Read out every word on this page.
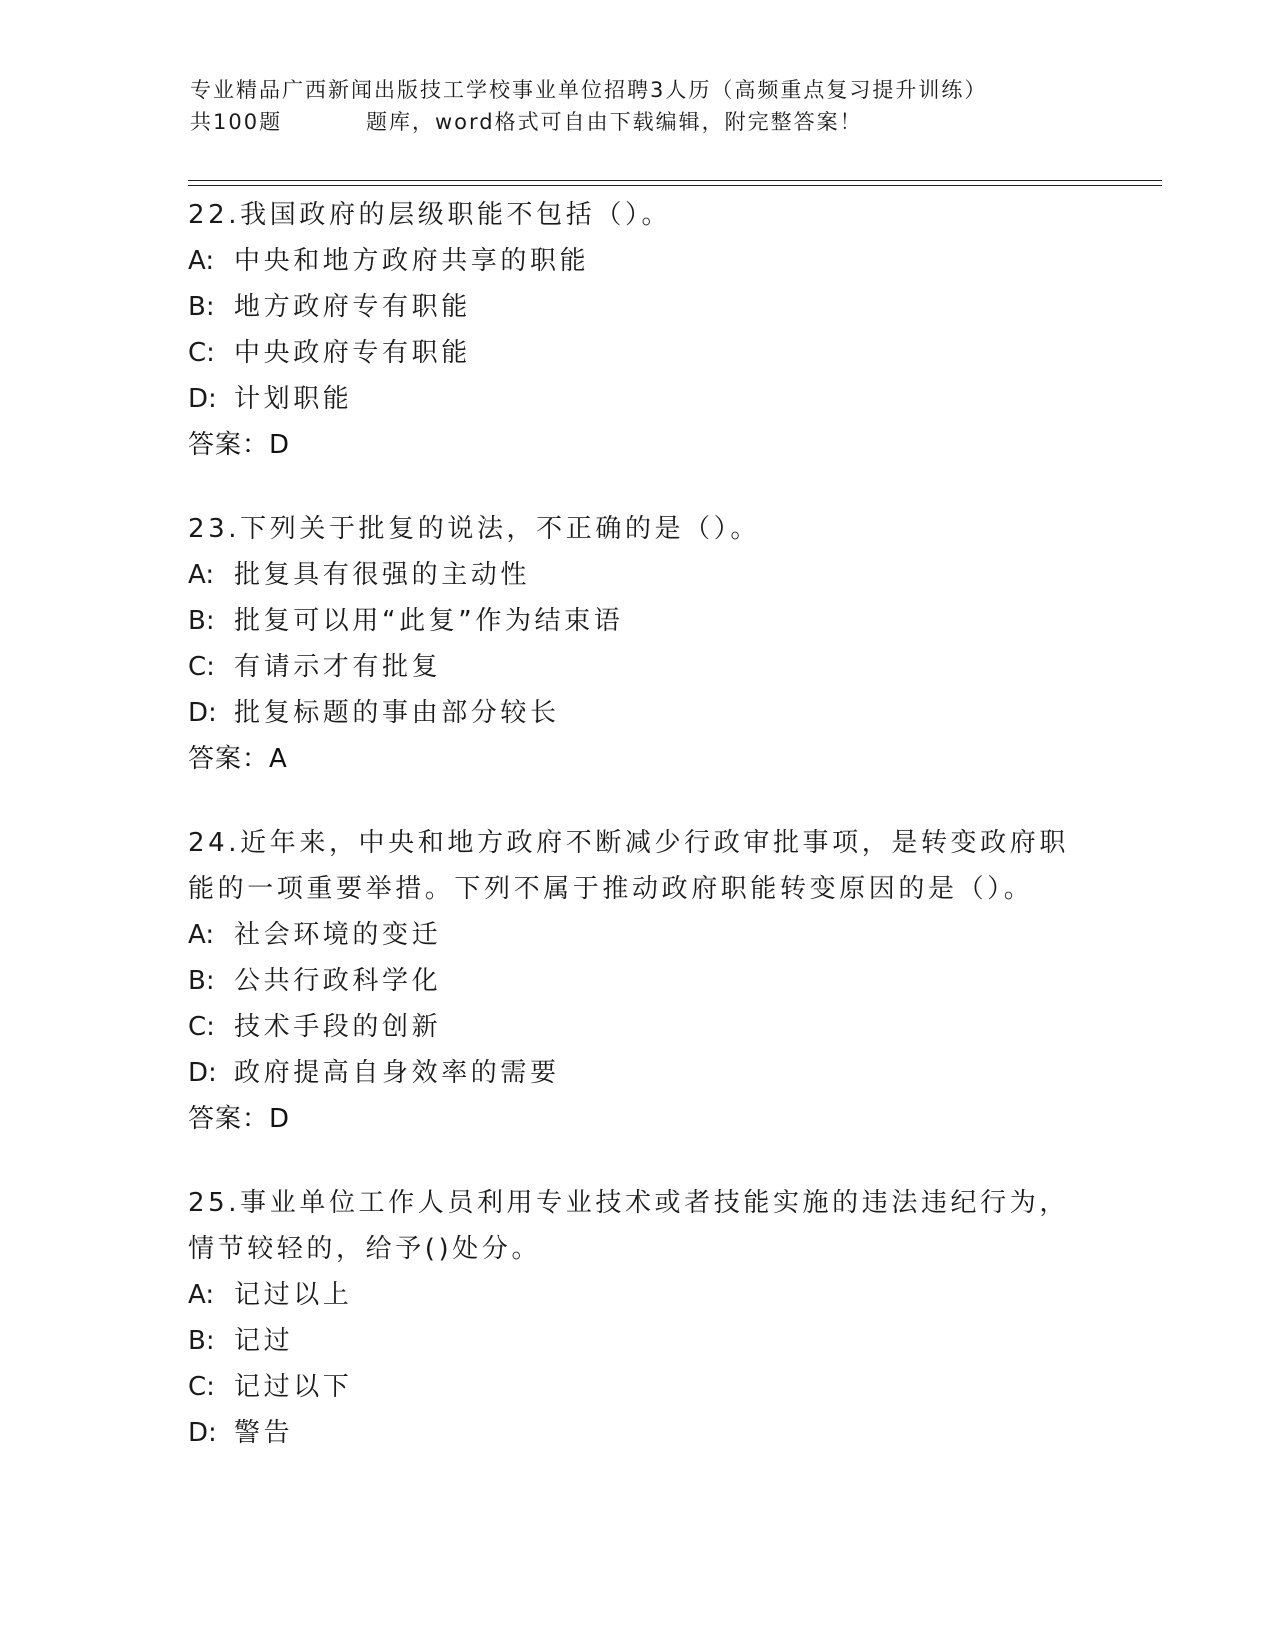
专业精品广西新闻出版技工学校事业单位招聘3人历（高频重点复习提升训练）
共100题	题库，word格式可自由下载编辑，附完整答案！
22.我国政府的层级职能不包括（）。
A: 中央和地方政府共享的职能
B: 地方政府专有职能
C: 中央政府专有职能
D: 计划职能
答案：D
23.下列关于批复的说法，不正确的是（）。
A: 批复具有很强的主动性
B: 批复可以用“此复”作为结束语
C: 有请示才有批复
D: 批复标题的事由部分较长
答案：A
24.近年来，中央和地方政府不断减少行政审批事项，是转变政府职能的一项重要举措。下列不属于推动政府职能转变原因的是（）。
A: 社会环境的变迁
B: 公共行政科学化
C: 技术手段的创新
D: 政府提高自身效率的需要
答案：D
25.事业单位工作人员利用专业技术或者技能实施的违法违纪行为，情节较轻的，给予()处分。
A: 记过以上
B: 记过
C: 记过以下
D: 警告
